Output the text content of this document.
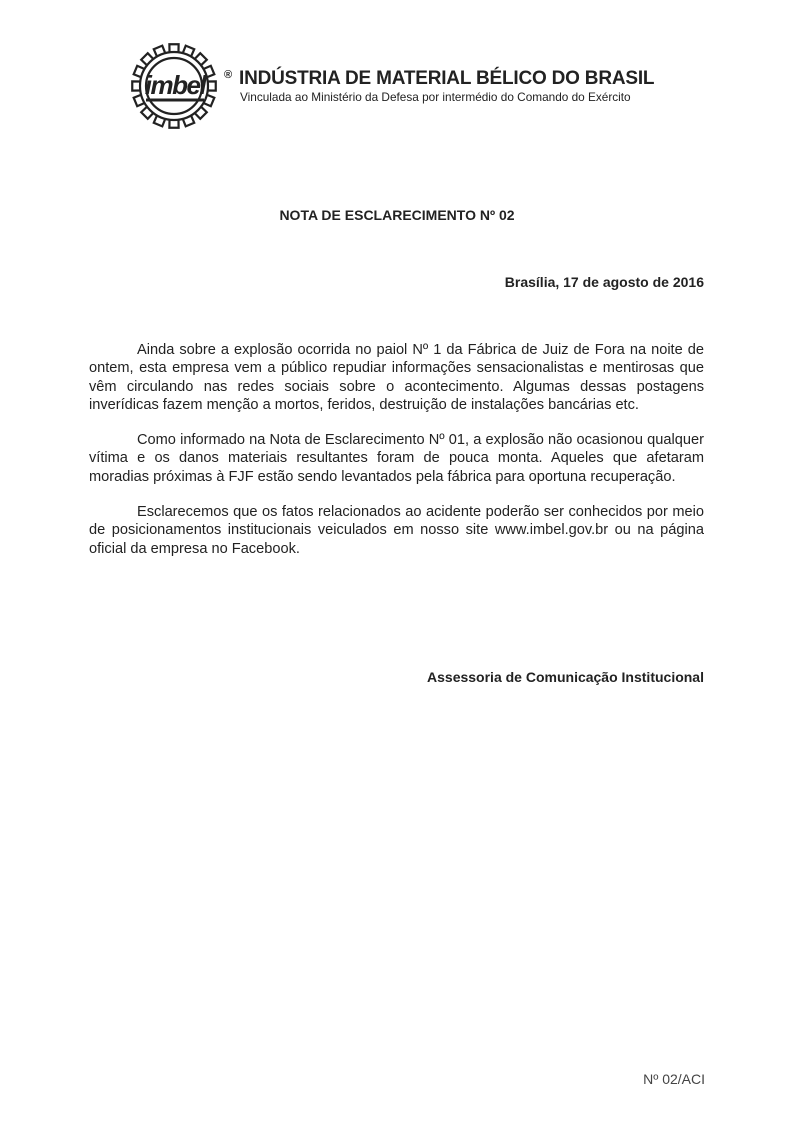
imbel ® INDÚSTRIA DE MATERIAL BÉLICO DO BRASIL
Vinculada ao Ministério da Defesa por intermédio do Comando do Exército
NOTA DE ESCLARECIMENTO Nº 02
Brasília, 17 de agosto de 2016

Ainda sobre a explosão ocorrida no paiol Nº 1 da Fábrica de Juiz de Fora na noite de ontem, esta empresa vem a público repudiar informações sensacionalistas e mentirosas que vêm circulando nas redes sociais sobre o acontecimento. Algumas dessas postagens inverídicas fazem menção a mortos, feridos, destruição de instalações bancárias etc.

Como informado na Nota de Esclarecimento Nº 01, a explosão não ocasionou qualquer vítima e os danos materiais resultantes foram de pouca monta. Aqueles que afetaram moradias próximas à FJF estão sendo levantados pela fábrica para oportuna recuperação.

Esclarecemos que os fatos relacionados ao acidente poderão ser conhecidos por meio de posicionamentos institucionais veiculados em nosso site www.imbel.gov.br ou na página oficial da empresa no Facebook.

Assessoria de Comunicação Institucional
Nº 02/ACI
